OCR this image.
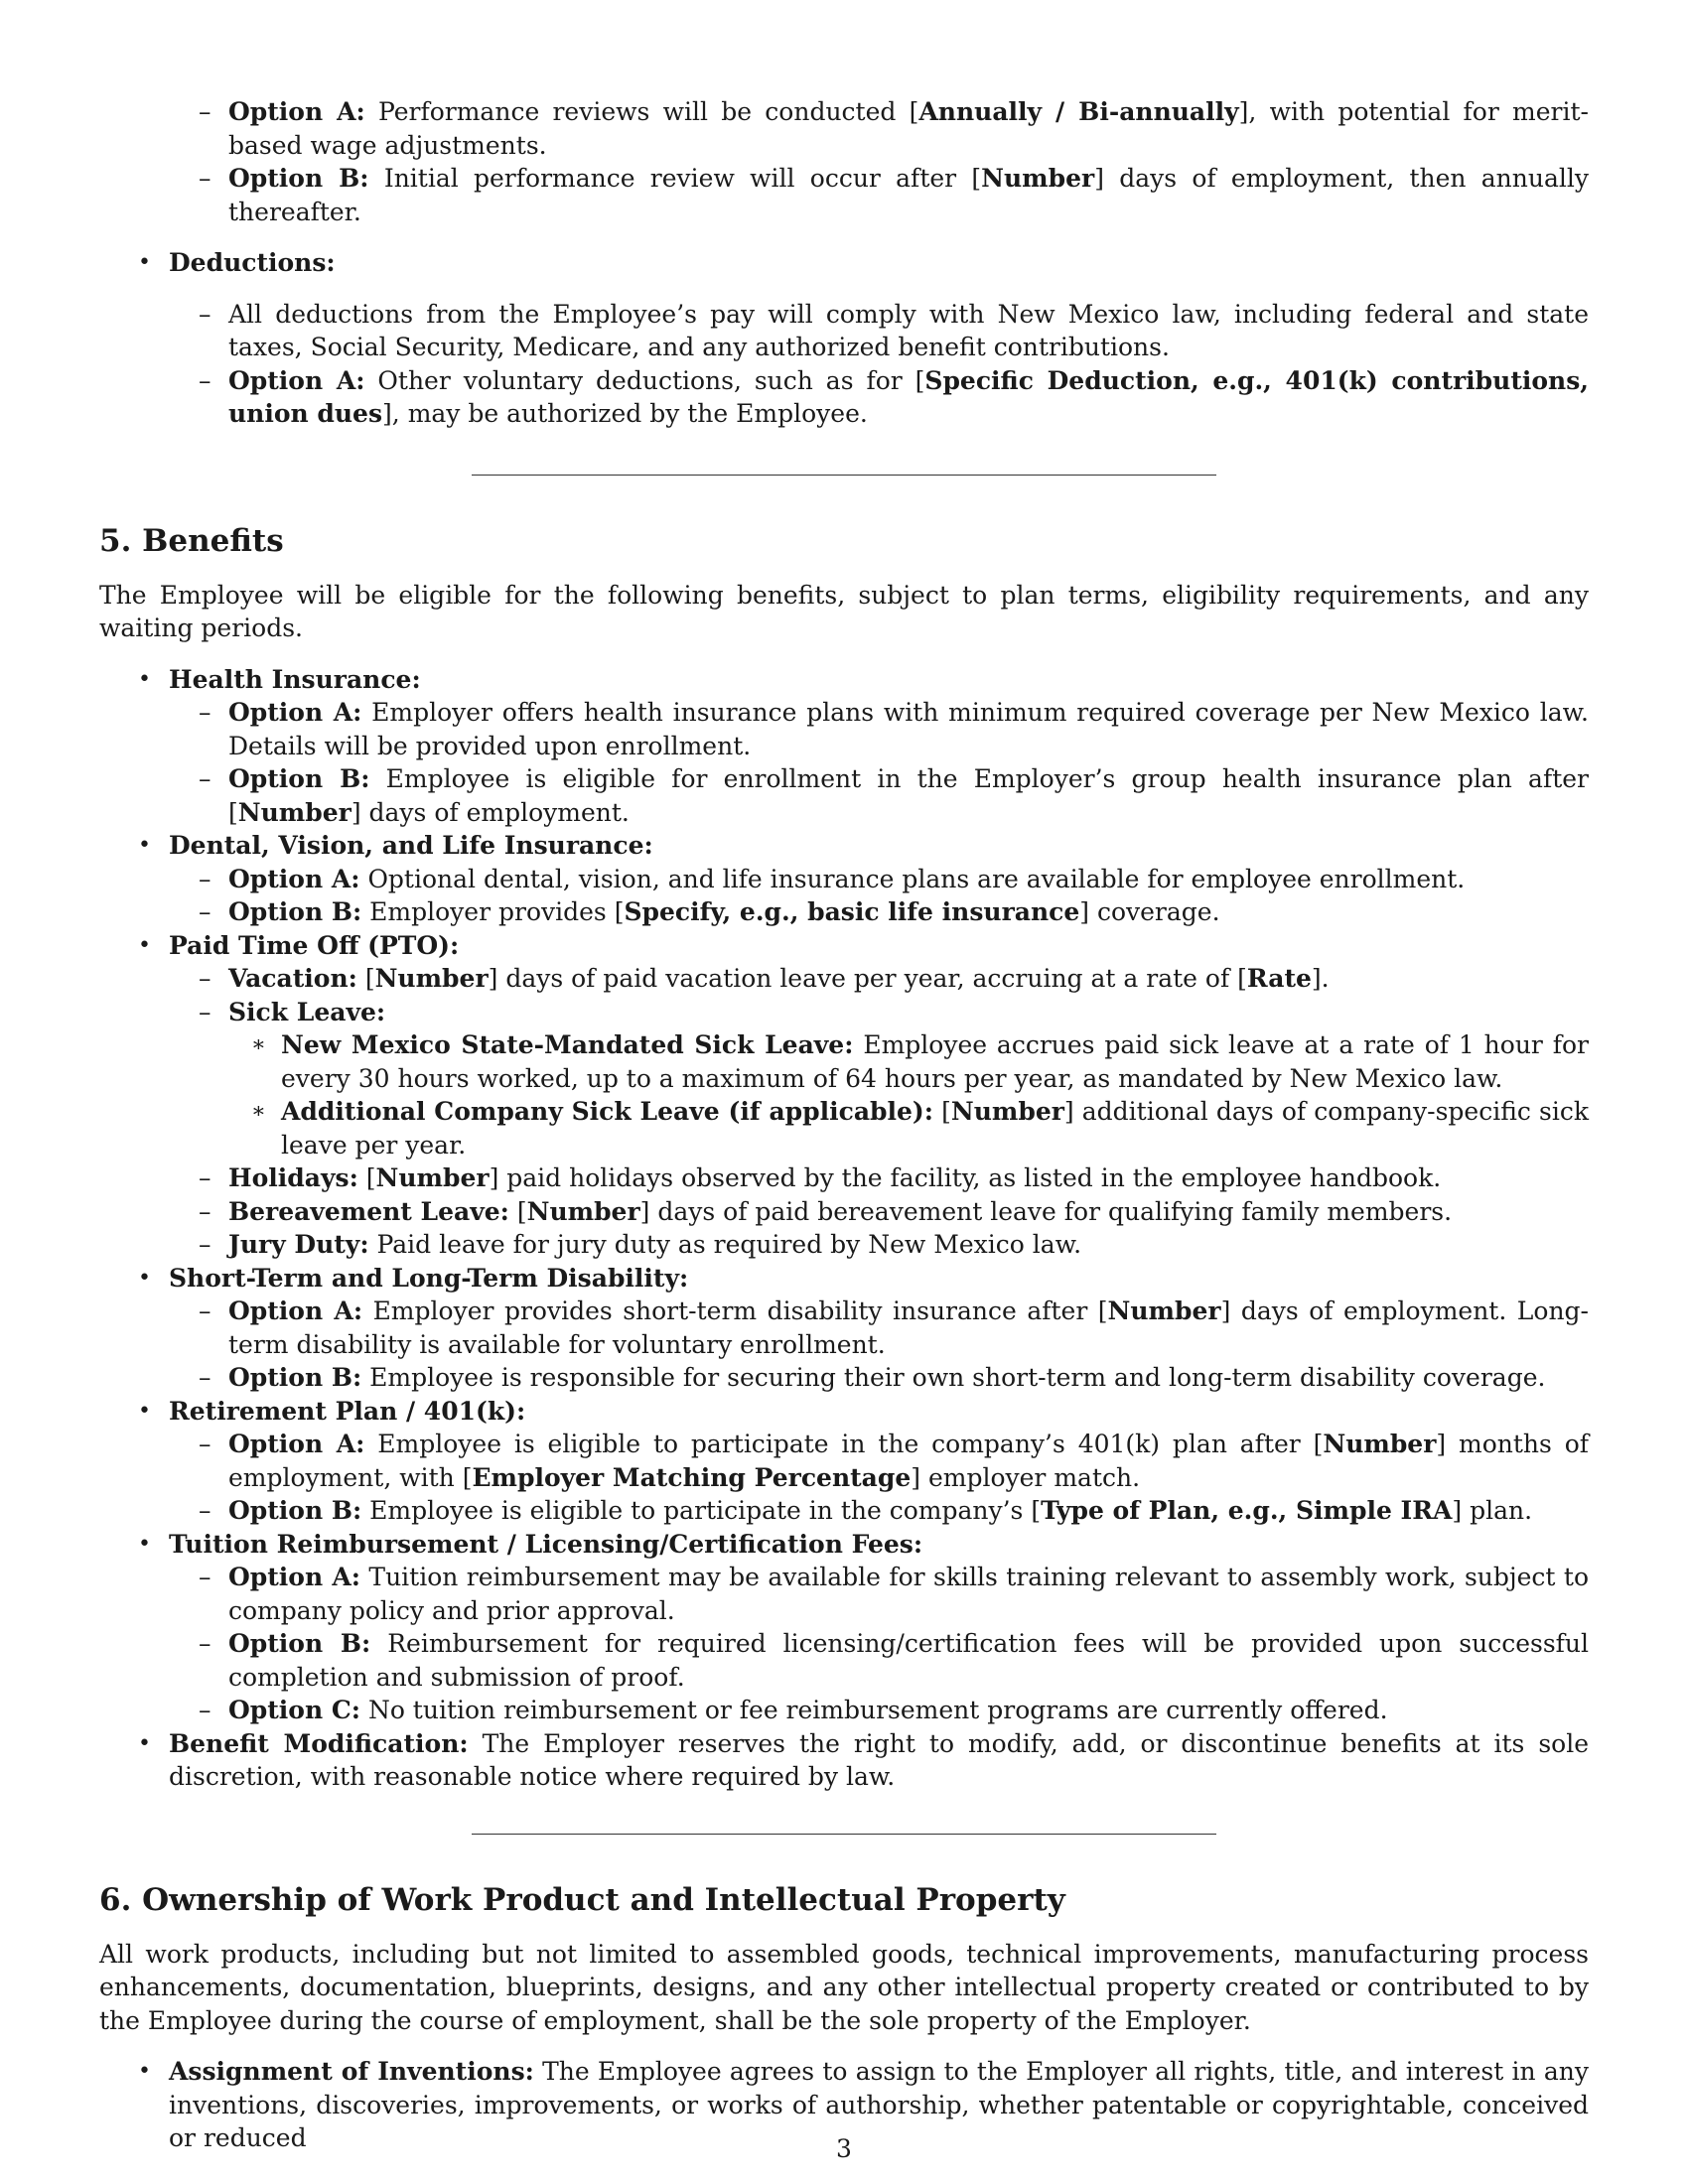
– Option A: Performance reviews will be conducted [Annually / Bi-annually], with potential for merit-based wage adjustments.
– Option B: Initial performance review will occur after [Number] days of employment, then annually thereafter.
• Deductions:
– All deductions from the Employee’s pay will comply with New Mexico law, including federal and state taxes, Social Security, Medicare, and any authorized benefit contributions.
– Option A: Other voluntary deductions, such as for [Specific Deduction, e.g., 401(k) contributions, union dues], may be authorized by the Employee.
5. Benefits

The Employee will be eligible for the following benefits, subject to plan terms, eligibility requirements, and any waiting periods.

• Health Insurance:
– Option A: Employer offers health insurance plans with minimum required coverage per New Mexico law. Details will be provided upon enrollment.
– Option B: Employee is eligible for enrollment in the Employer’s group health insurance plan after [Number] days of employment.
• Dental, Vision, and Life Insurance:
– Option A: Optional dental, vision, and life insurance plans are available for employee enrollment.
– Option B: Employer provides [Specify, e.g., basic life insurance] coverage.
• Paid Time Off (PTO):
– Vacation: [Number] days of paid vacation leave per year, accruing at a rate of [Rate].
– Sick Leave:
∗ New Mexico State-Mandated Sick Leave: Employee accrues paid sick leave at a rate of 1 hour for every 30 hours worked, up to a maximum of 64 hours per year, as mandated by New Mexico law.
∗ Additional Company Sick Leave (if applicable): [Number] additional days of company-specific sick leave per year.
– Holidays: [Number] paid holidays observed by the facility, as listed in the employee handbook.
– Bereavement Leave: [Number] days of paid bereavement leave for qualifying family members.
– Jury Duty: Paid leave for jury duty as required by New Mexico law.
• Short-Term and Long-Term Disability:
– Option A: Employer provides short-term disability insurance after [Number] days of employment. Long-term disability is available for voluntary enrollment.
– Option B: Employee is responsible for securing their own short-term and long-term disability coverage.
• Retirement Plan / 401(k):
– Option A: Employee is eligible to participate in the company’s 401(k) plan after [Number] months of employment, with [Employer Matching Percentage] employer match.
– Option B: Employee is eligible to participate in the company’s [Type of Plan, e.g., Simple IRA] plan.
• Tuition Reimbursement / Licensing/Certification Fees:
– Option A: Tuition reimbursement may be available for skills training relevant to assembly work, subject to company policy and prior approval.
– Option B: Reimbursement for required licensing/certification fees will be provided upon successful completion and submission of proof.
– Option C: No tuition reimbursement or fee reimbursement programs are currently offered.
• Benefit Modification: The Employer reserves the right to modify, add, or discontinue benefits at its sole discretion, with reasonable notice where required by law.
6. Ownership of Work Product and Intellectual Property

All work products, including but not limited to assembled goods, technical improvements, manufacturing process enhancements, documentation, blueprints, designs, and any other intellectual property created or contributed to by the Employee during the course of employment, shall be the sole property of the Employer.

• Assignment of Inventions: The Employee agrees to assign to the Employer all rights, title, and interest in any inventions, discoveries, improvements, or works of authorship, whether patentable or copyrightable, conceived or reduced	3
